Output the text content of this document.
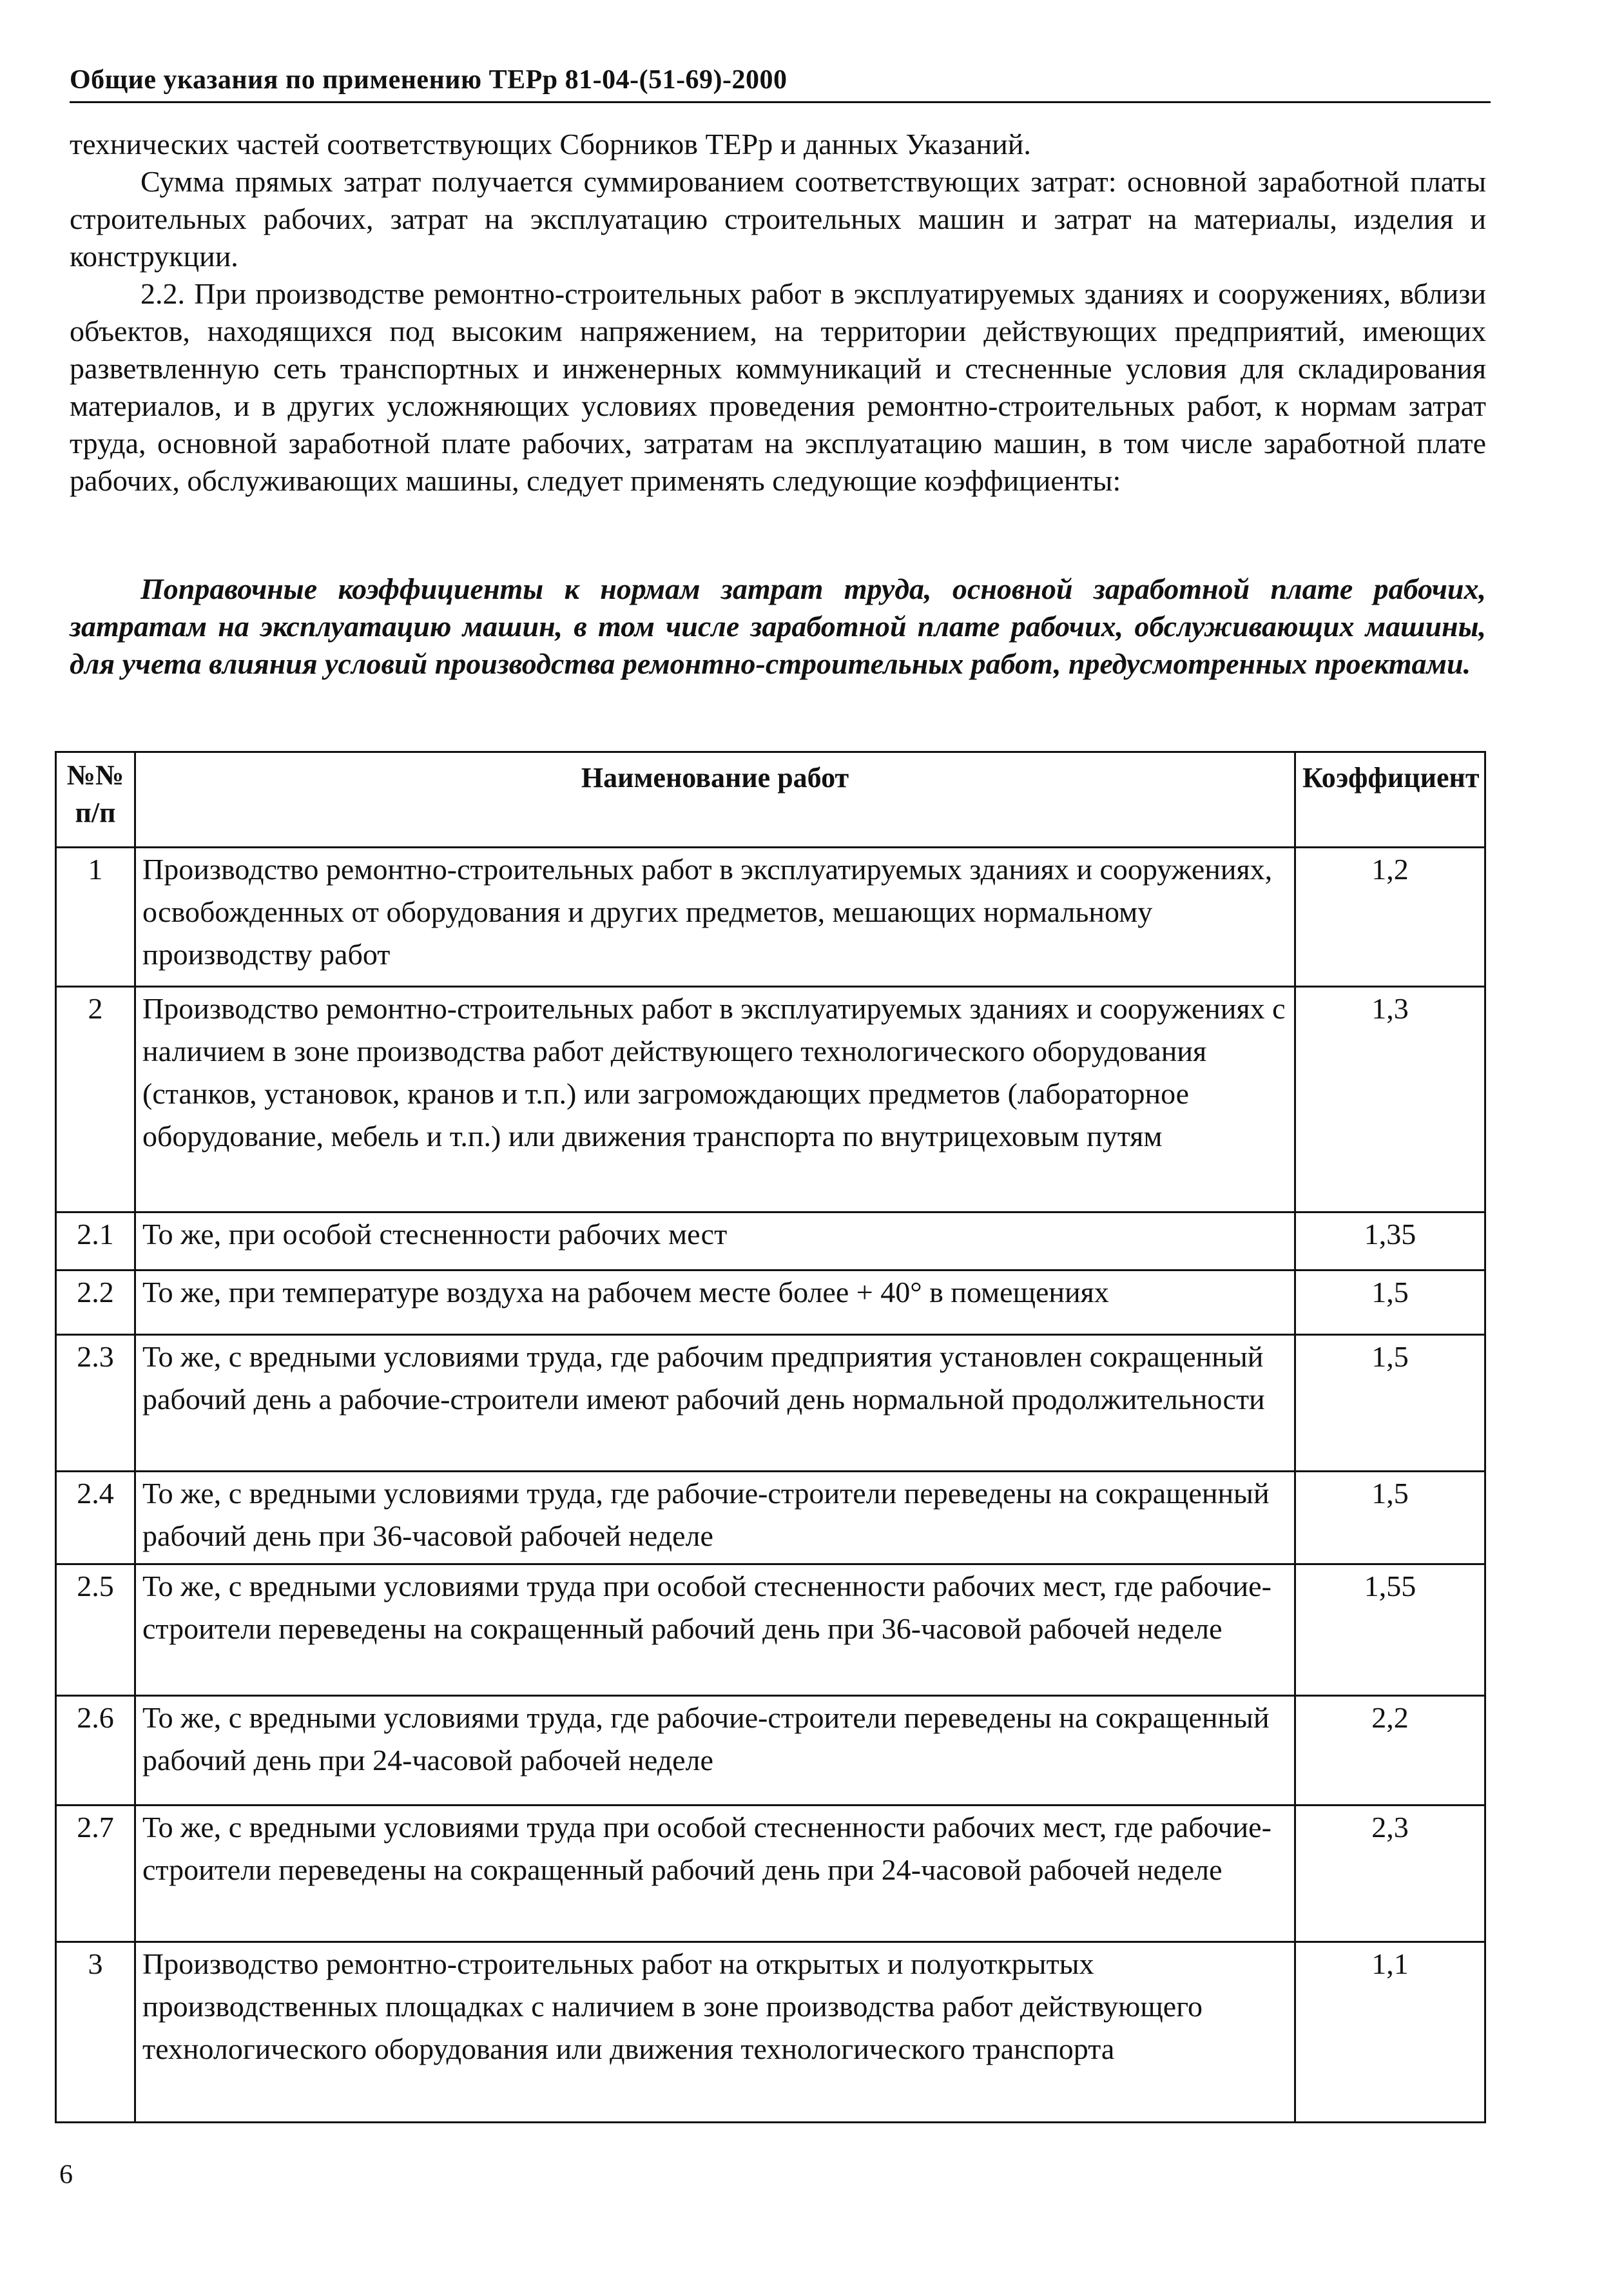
Общие указания по применению ТЕРр 81-04-(51-69)-2000
технических частей соответствующих Сборников ТЕРр и данных Указаний.
Сумма прямых затрат получается суммированием соответствующих затрат: основной заработной платы строительных рабочих, затрат на эксплуатацию строительных машин и затрат на материалы, изделия и конструкции.
2.2. При производстве ремонтно-строительных работ в эксплуатируемых зданиях и сооружениях, вблизи объектов, находящихся под высоким напряжением, на территории действующих предприятий, имеющих разветвленную сеть транспортных и инженерных коммуникаций и стесненные условия для складирования материалов, и в других усложняющих условиях проведения ремонтно-строительных работ, к нормам затрат труда, основной заработной плате рабочих, затратам на эксплуатацию машин, в том числе заработной плате рабочих, обслуживающих машины, следует применять следующие коэффициенты:
Поправочные коэффициенты к нормам затрат труда, основной заработной плате рабочих, затратам на эксплуатацию машин, в том числе заработной плате рабочих, обслуживающих машины, для учета влияния условий производства ремонтно-строительных работ, предусмотренных проектами.
№№
п/п	Наименование работ	Коэффициент
1	Производство ремонтно-строительных работ в эксплуатируемых зданиях и сооружениях, освобожденных от оборудования и других предметов, мешающих нормальному производству работ	1,2
2	Производство ремонтно-строительных работ в эксплуатируемых зданиях и сооружениях с наличием в зоне производства работ действующего технологического оборудования (станков, установок, кранов и т.п.) или загромождающих предметов (лабораторное оборудование, мебель и т.п.) или движения транспорта по внутрицеховым путям	1,3
2.1	То же, при особой стесненности рабочих мест	1,35
2.2	То же, при температуре воздуха на рабочем месте более + 40° в помещениях	1,5
2.3	То же, с вредными условиями труда, где рабочим предприятия установлен сокращенный рабочий день а рабочие-строители имеют рабочий день нормальной продолжительности	1,5
2.4	То же, с вредными условиями труда, где рабочие-строители переведены на сокращенный рабочий день при 36-часовой рабочей неделе	1,5
2.5	То же, с вредными условиями труда при особой стесненности рабочих мест, где рабочие-строители переведены на сокращенный рабочий день при 36-часовой рабочей неделе	1,55
2.6	То же, с вредными условиями труда, где рабочие-строители переведены на сокращенный рабочий день при 24-часовой рабочей неделе	2,2
2.7	То же, с вредными условиями труда при особой стесненности рабочих мест, где рабочие-строители переведены на сокращенный рабочий день при 24-часовой рабочей неделе	2,3
3	Производство ремонтно-строительных работ на открытых и полуоткрытых производственных площадках с наличием в зоне производства работ действующего технологического оборудования или движения технологического транспорта	1,1
6
